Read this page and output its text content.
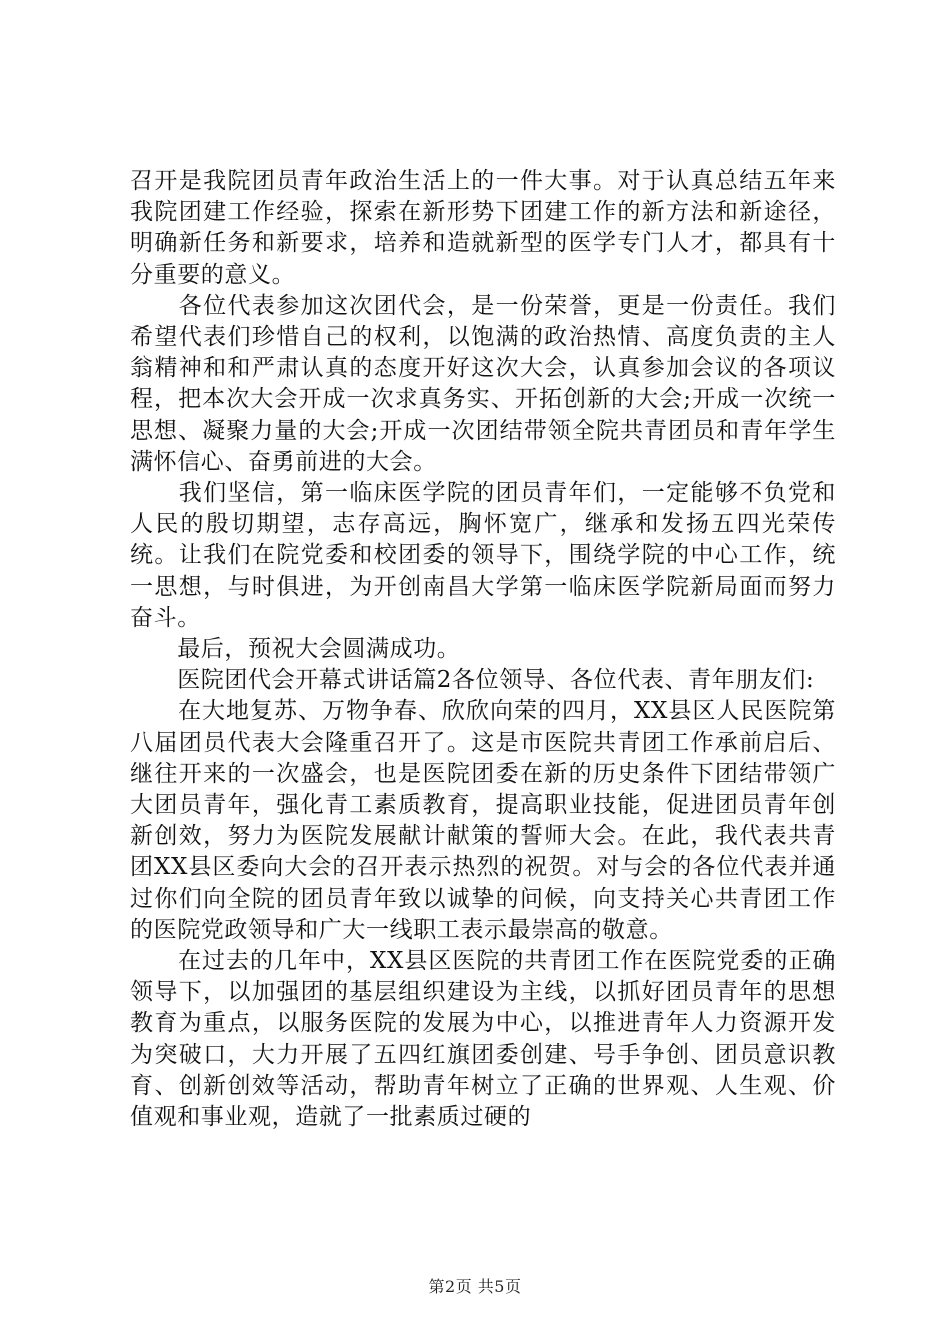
召开是我院团员青年政治生活上的一件大事。对于认真总结五年来我院团建工作经验，探索在新形势下团建工作的新方法和新途径，明确新任务和新要求，培养和造就新型的医学专门人才，都具有十分重要的意义。

　　各位代表参加这次团代会，是一份荣誉，更是一份责任。我们希望代表们珍惜自己的权利，以饱满的政治热情、高度负责的主人翁精神和和严肃认真的态度开好这次大会，认真参加会议的各项议程，把本次大会开成一次求真务实、开拓创新的大会;开成一次统一思想、凝聚力量的大会;开成一次团结带领全院共青团员和青年学生满怀信心、奋勇前进的大会。

　　我们坚信，第一临床医学院的团员青年们，一定能够不负党和人民的殷切期望，志存高远，胸怀宽广，继承和发扬五四光荣传统。让我们在院党委和校团委的领导下，围绕学院的中心工作，统一思想，与时俱进，为开创南昌大学第一临床医学院新局面而努力奋斗。

　　最后，预祝大会圆满成功。

　　医院团代会开幕式讲话篇2各位领导、各位代表、青年朋友们:

　　在大地复苏、万物争春、欣欣向荣的四月，XX县区人民医院第八届团员代表大会隆重召开了。这是市医院共青团工作承前启后、继往开来的一次盛会，也是医院团委在新的历史条件下团结带领广大团员青年，强化青工素质教育，提高职业技能，促进团员青年创新创效，努力为医院发展献计献策的誓师大会。在此，我代表共青团XX县区委向大会的召开表示热烈的祝贺。对与会的各位代表并通过你们向全院的团员青年致以诚挚的问候，向支持关心共青团工作的医院党政领导和广大一线职工表示最崇高的敬意。

　　在过去的几年中，XX县区医院的共青团工作在医院党委的正确领导下，以加强团的基层组织建设为主线，以抓好团员青年的思想教育为重点，以服务医院的发展为中心，以推进青年人力资源开发为突破口，大力开展了五四红旗团委创建、号手争创、团员意识教育、创新创效等活动，帮助青年树立了正确的世界观、人生观、价值观和事业观，造就了一批素质过硬的

第2页 共5页
